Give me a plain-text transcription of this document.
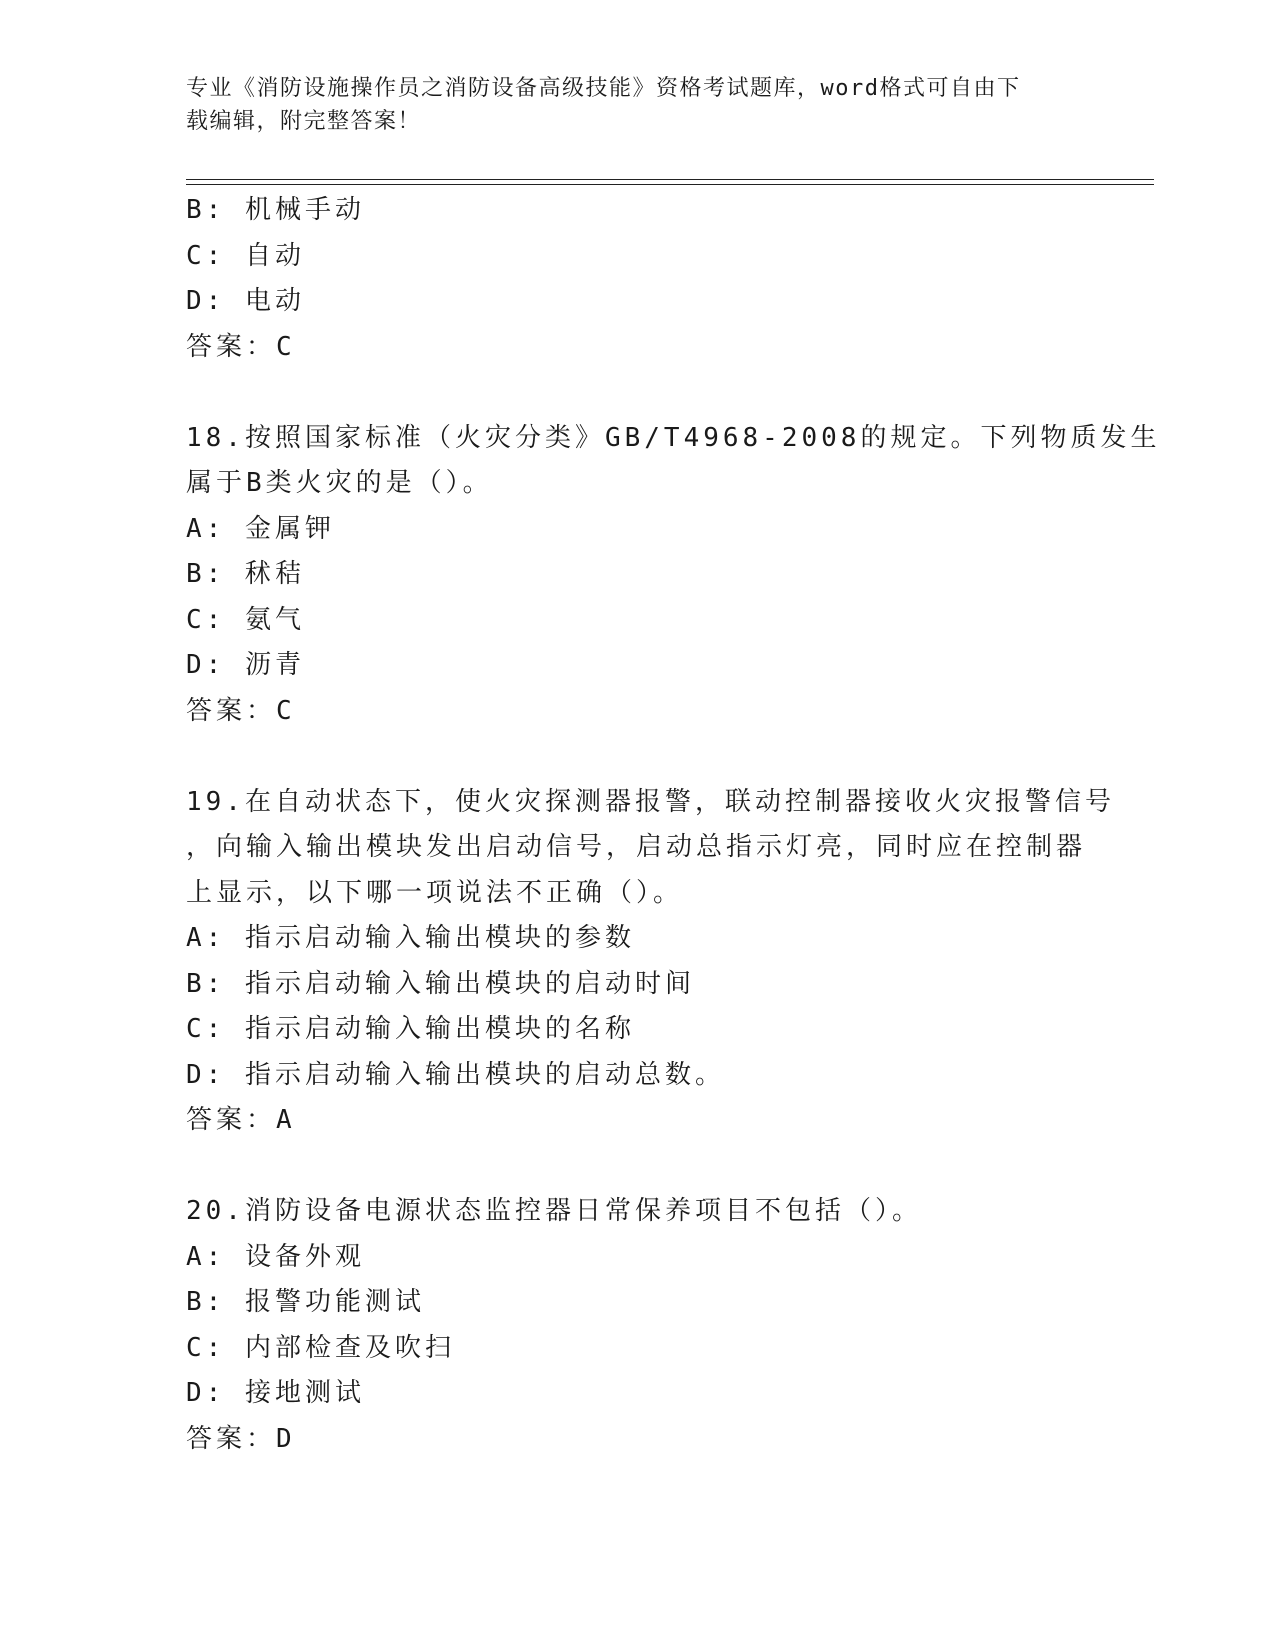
专业《消防设施操作员之消防设备高级技能》资格考试题库，word格式可自由下
载编辑，附完整答案！
B: 机械手动
C: 自动
D: 电动
答案：C
18.按照国家标准（火灾分类》GB/T4968-2008的规定。下列物质发生
属于B类火灾的是（）。
A: 金属钾
B: 秫秸
C: 氨气
D: 沥青
答案：C
19.在自动状态下，使火灾探测器报警，联动控制器接收火灾报警信号
，向输入输出模块发出启动信号，启动总指示灯亮，同时应在控制器
上显示，以下哪一项说法不正确（）。
A: 指示启动输入输出模块的参数
B: 指示启动输入输出模块的启动时间
C: 指示启动输入输出模块的名称
D: 指示启动输入输出模块的启动总数。
答案：A
20.消防设备电源状态监控器日常保养项目不包括（）。
A: 设备外观
B: 报警功能测试
C: 内部检查及吹扫
D: 接地测试
答案：D
